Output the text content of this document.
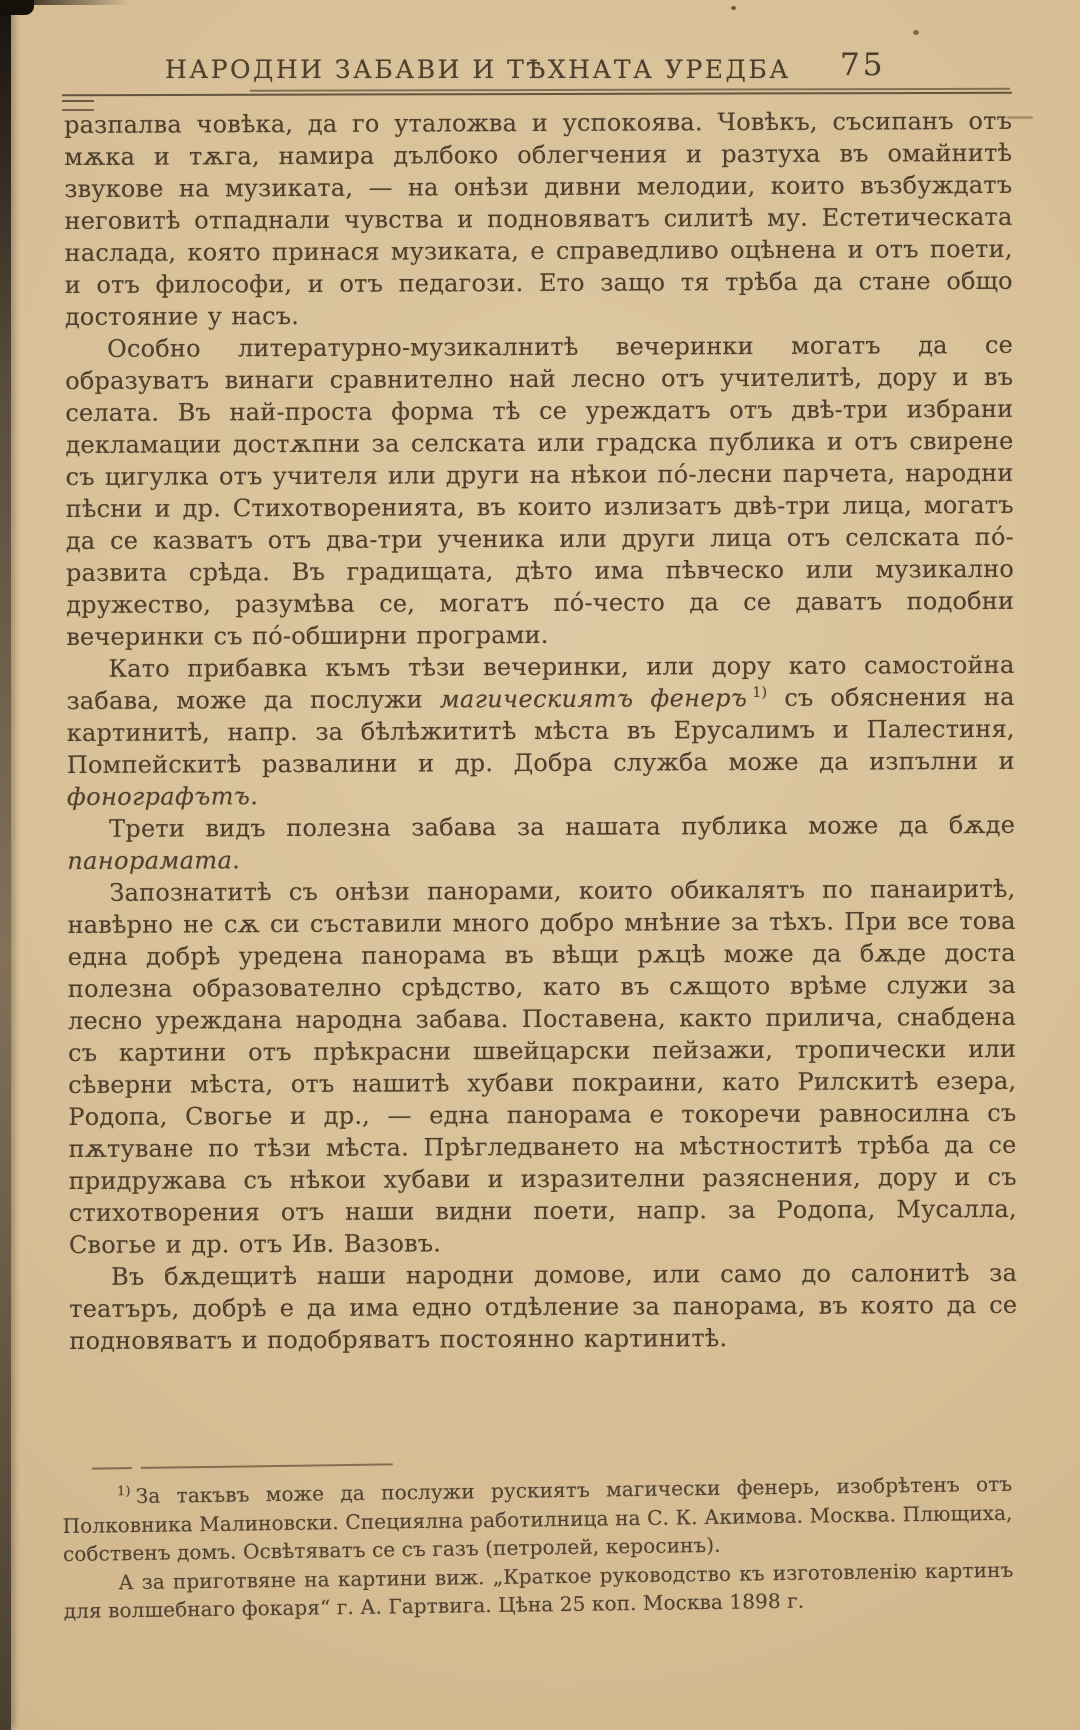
НАРОДНИ ЗАБАВИ И ТѢХНАТА УРЕДБА 75

разпалва човѣка, да го уталожва и успокоява. Човѣкъ, съсипанъ отъ мѫка и тѫга, намира дълбоко облегчения и разтуха въ омайнитѣ звукове на музиката, — на онѣзи дивни мелодии, които възбуждатъ неговитѣ отпаднали чувства и подновяватъ силитѣ му. Естетическата наслада, която принася музиката, е справедливо оцѣнена и отъ поети, и отъ философи, и отъ педагози. Ето защо тя трѣба да стане общо достояние у насъ.

Особно литературно-музикалнитѣ вечеринки могатъ да се образуватъ винаги сравнително най лесно отъ учителитѣ, дору и въ селата. Въ най-проста форма тѣ се уреждатъ отъ двѣ-три избрани декламации достѫпни за селската или градска публика и отъ свирене съ цигулка отъ учителя или други на нѣкои по́-лесни парчета, народни пѣсни и др. Стихотворенията, въ които излизатъ двѣ-три лица, могатъ да се казватъ отъ два-три ученика или други лица отъ селската по́-развита срѣда. Въ градищата, дѣто има пѣвческо или музикално дружество, разумѣва се, могатъ по́-често да се даватъ подобни вечеринки съ по́-обширни програми.

Като прибавка къмъ тѣзи вечеринки, или дору като самостойна забава, може да послужи магическиятъ фенеръ $^{1)}$ съ обяснения на картинитѣ, напр. за бѣлѣжититѣ мѣста въ Ерусалимъ и Палестиня, Помпейскитѣ развалини и др. Добра служба може да изпълни и фонографътъ.

Трети видъ полезна забава за нашата публика може да бѫде панорамата.

Запознатитѣ съ онѣзи панорами, които обикалятъ по панаиритѣ, навѣрно не сѫ си съставили много добро мнѣние за тѣхъ. При все това една добрѣ уредена панорама въ вѣщи рѫцѣ може да бѫде доста полезна образователно срѣдство, като въ сѫщото врѣме служи за лесно уреждана народна забава. Поставена, както прилича, снабдена съ картини отъ прѣкрасни швейцарски пейзажи, тропически или сѣверни мѣста, отъ нашитѣ хубави покраини, като Рилскитѣ езера, Родопа, Свогье и др., — една панорама е токоречи равносилна съ пѫтуване по тѣзи мѣста. Прѣгледването на мѣстноститѣ трѣба да се придружава съ нѣкои хубави и изразителни разяснения, дору и съ стихотворения отъ наши видни поети, напр. за Родопа, Мусалла, Свогье и др. отъ Ив. Вазовъ.

Въ бѫдещитѣ наши народни домове, или само до салонитѣ за театъръ, добрѣ е да има едно отдѣление за панорама, въ която да се подновяватъ и подобряватъ постоянно картинитѣ.

$^{1)}$ За такъвъ може да послужи рускиятъ магически фенерь, изобрѣтенъ отъ Полковника Малиновски. Специялна работилница на С. К. Акимова. Москва. Плющиха, собственъ домъ. Освѣтяватъ се съ газъ (петролей, керосинъ).

А за приготвяне на картини виж. „Краткое руководство къ изготовленію картинъ для волшебнаго фокаря“ г. А. Гартвига. Цѣна 25 коп. Москва 1898 г.
